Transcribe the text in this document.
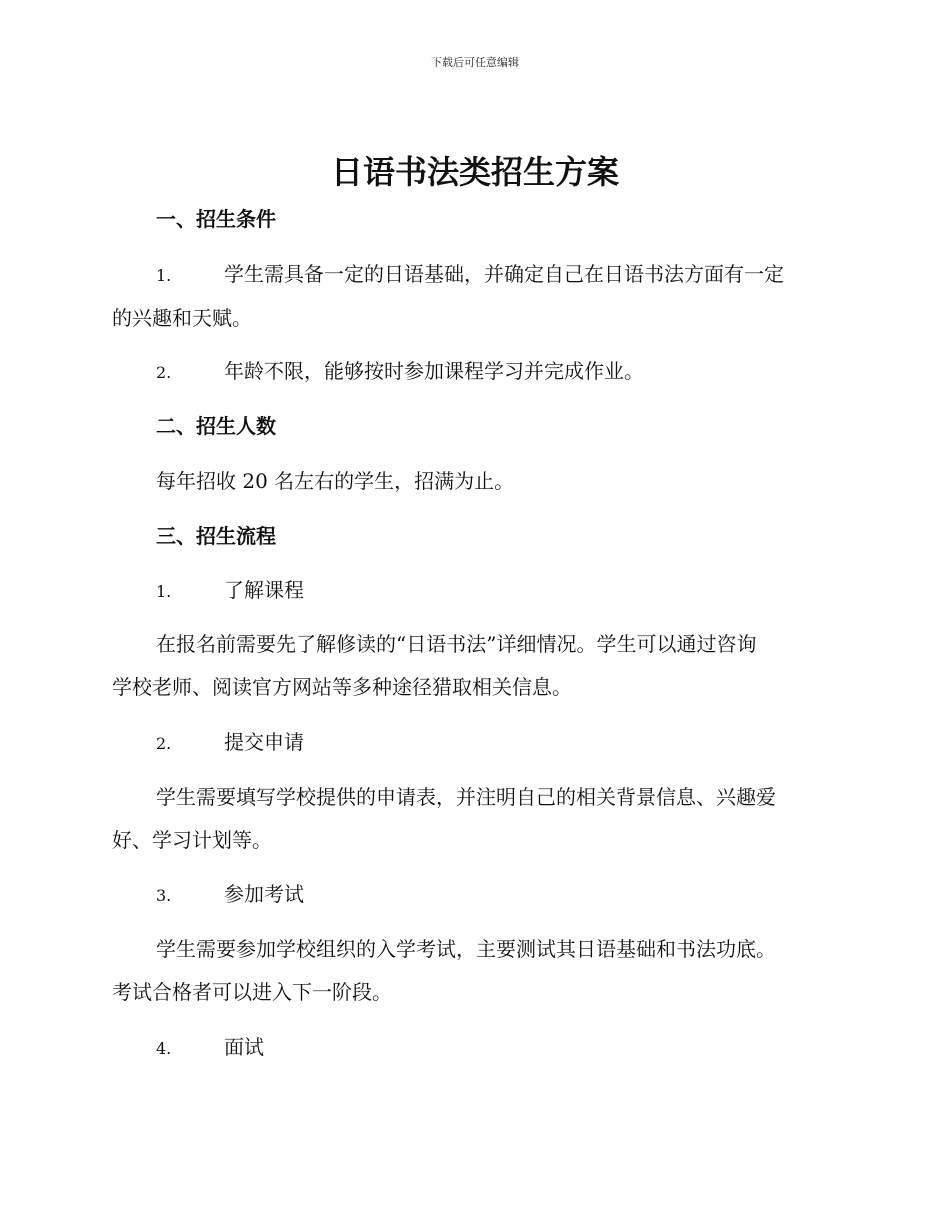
下载后可任意编辑
日语书法类招生方案
一、招生条件
1.	学生需具备一定的日语基础，并确定自己在日语书法方面有一定
的兴趣和天赋。
2.	年龄不限，能够按时参加课程学习并完成作业。
二、招生人数
每年招收 20 名左右的学生，招满为止。
三、招生流程
1.	了解课程
在报名前需要先了解修读的“日语书法”详细情况。学生可以通过咨询
学校老师、阅读官方网站等多种途径猎取相关信息。
2.	提交申请
学生需要填写学校提供的申请表，并注明自己的相关背景信息、兴趣爱
好、学习计划等。
3.	参加考试
学生需要参加学校组织的入学考试，主要测试其日语基础和书法功底。
考试合格者可以进入下一阶段。
4.	面试
